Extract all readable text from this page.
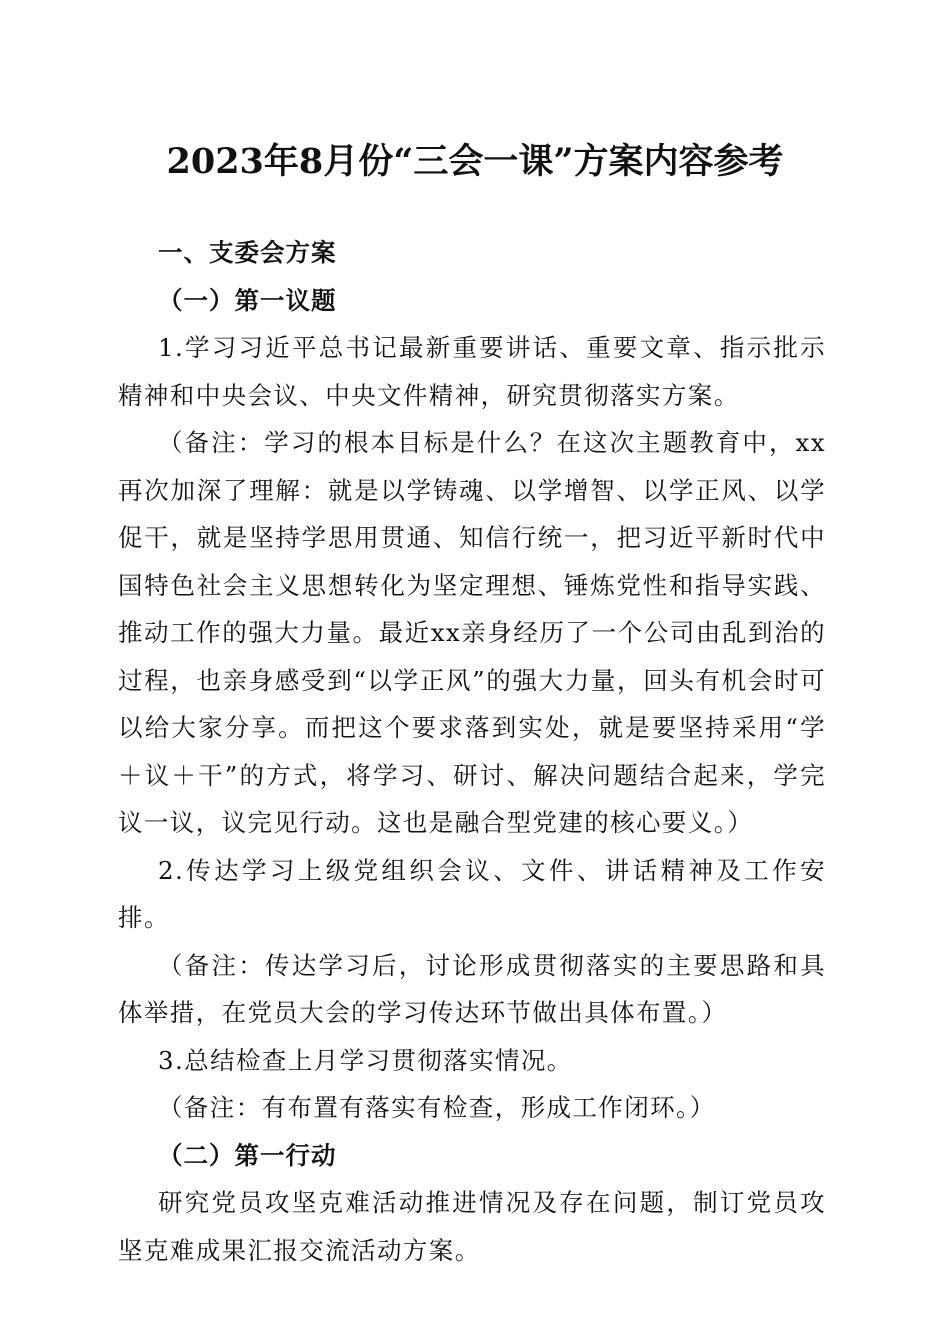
2023年8月份“三会一课”方案内容参考

一、支委会方案

（一）第一议题

1.学习习近平总书记最新重要讲话、重要文章、指示批示精神和中央会议、中央文件精神，研究贯彻落实方案。

（备注：学习的根本目标是什么？在这次主题教育中，xx再次加深了理解：就是以学铸魂、以学增智、以学正风、以学促干，就是坚持学思用贯通、知信行统一，把习近平新时代中国特色社会主义思想转化为坚定理想、锤炼党性和指导实践、推动工作的强大力量。最近xx亲身经历了一个公司由乱到治的过程，也亲身感受到“以学正风”的强大力量，回头有机会时可以给大家分享。而把这个要求落到实处，就是要坚持采用“学＋议＋干”的方式，将学习、研讨、解决问题结合起来，学完议一议，议完见行动。这也是融合型党建的核心要义。）

2.传达学习上级党组织会议、文件、讲话精神及工作安排。

（备注：传达学习后，讨论形成贯彻落实的主要思路和具体举措，在党员大会的学习传达环节做出具体布置。）

3.总结检查上月学习贯彻落实情况。

（备注：有布置有落实有检查，形成工作闭环。）

（二）第一行动

研究党员攻坚克难活动推进情况及存在问题，制订党员攻坚克难成果汇报交流活动方案。
